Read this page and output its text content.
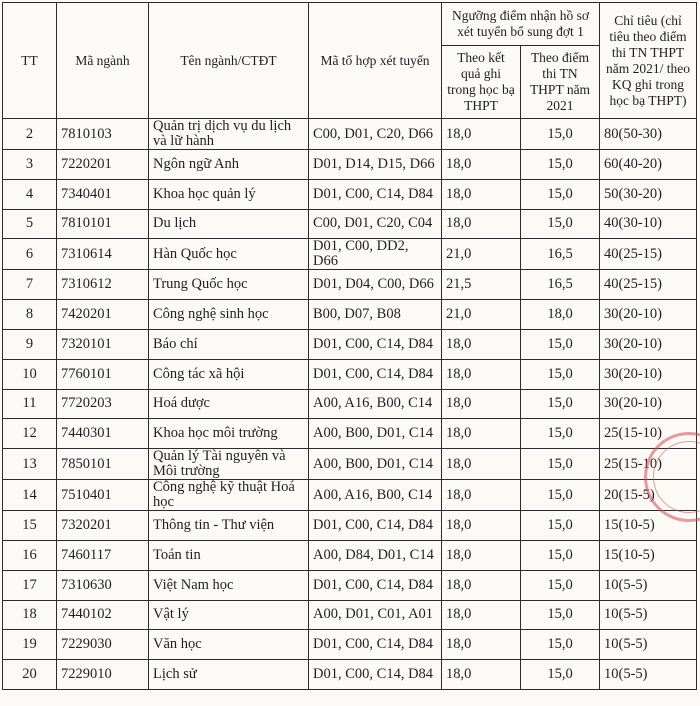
TT	Mã ngành	Tên ngành/CTĐT	Mã tổ hợp xét tuyển	Ngưỡng điểm nhận hồ sơ xét tuyển bổ sung đợt 1		Chỉ tiêu (chỉ tiêu theo điểm thi TN THPT năm 2021/ theo KQ ghi trong học bạ THPT)
				Theo kết quả ghi trong học bạ THPT	Theo điểm thi TN THPT năm 2021	
2	7810103	Quản trị dịch vụ du lịch và lữ hành	C00, D01, C20, D66	18,0	15,0	80(50-30)
3	7220201	Ngôn ngữ Anh	D01, D14, D15, D66	18,0	15,0	60(40-20)
4	7340401	Khoa học quản lý	D01, C00, C14, D84	18,0	15,0	50(30-20)
5	7810101	Du lịch	C00, D01, C20, C04	18,0	15,0	40(30-10)
6	7310614	Hàn Quốc học	D01, C00, DD2, D66	21,0	16,5	40(25-15)
7	7310612	Trung Quốc học	D01, D04, C00, D66	21,5	16,5	40(25-15)
8	7420201	Công nghệ sinh học	B00, D07, B08	21,0	18,0	30(20-10)
9	7320101	Báo chí	D01, C00, C14, D84	18,0	15,0	30(20-10)
10	7760101	Công tác xã hội	D01, C00, C14, D84	18,0	15,0	30(20-10)
11	7720203	Hoá dược	A00, A16, B00, C14	18,0	15,0	30(20-10)
12	7440301	Khoa học môi trường	A00, B00, D01, C14	18,0	15,0	25(15-10)
13	7850101	Quản lý Tài nguyên và Môi trường	A00, B00, D01, C14	18,0	15,0	25(15-10)
14	7510401	Công nghệ kỹ thuật Hoá học	A00, A16, B00, C14	18,0	15,0	20(15-5)
15	7320201	Thông tin - Thư viện	D01, C00, C14, D84	18,0	15,0	15(10-5)
16	7460117	Toán tin	A00, D84, D01, C14	18,0	15,0	15(10-5)
17	7310630	Việt Nam học	D01, C00, C14, D84	18,0	15,0	10(5-5)
18	7440102	Vật lý	A00, D01, C01, A01	18,0	15,0	10(5-5)
19	7229030	Văn học	D01, C00, C14, D84	18,0	15,0	10(5-5)
20	7229010	Lịch sử	D01, C00, C14, D84	18,0	15,0	10(5-5)
